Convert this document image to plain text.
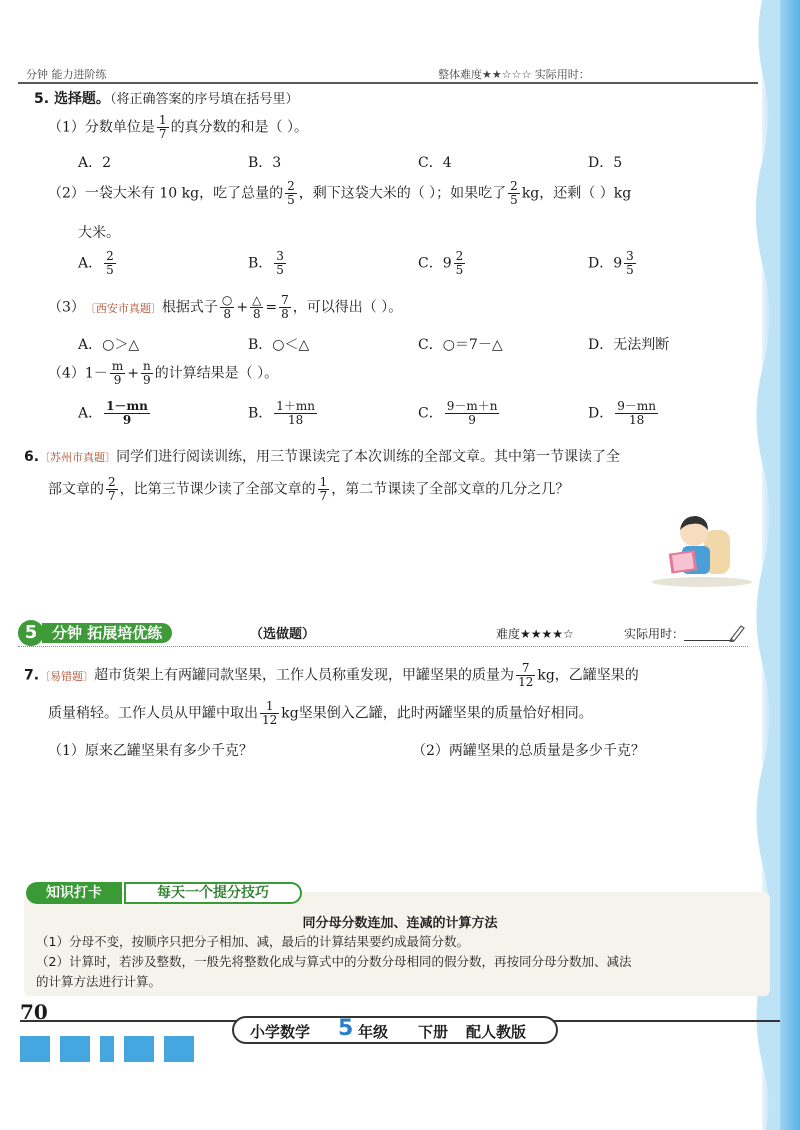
分钟 能力进阶练	整体难度★★☆☆☆ 实际用时：
5. 选择题。（将正确答案的序号填在括号里）
（1）分数单位是 $\frac{1}{7}$ 的真分数的和是（ ）。
A．2	B．3	C．4	D．5
（2）一袋大米有 10 kg，吃了总量的 $\frac{2}{5}$ ，剩下这袋大米的（ ）；如果吃了 $\frac{2}{5}$ kg，还剩（ ）kg
大米。
A． $\frac{2}{5}$	B． $\frac{3}{5}$	C．$9 \frac{2}{5}$	D．$9 \frac{3}{5}$
（3）〔西安市真题〕根据式子 $\frac{○}{8} + \frac{\triangle}{8} = \frac{7}{8}$ ，可以得出（ ）。
A．○＞△	B．○＜△	C．○＝7－△	D．无法判断
$(4)1- \frac{m}{9} + \frac{n}{9}$ 的计算结果是（ ）。
A． $\frac{1-mn}{9}$	B． $\frac{1+mn}{18}$	C． $\frac{9-m+n}{9}$	D． $\frac{9-mn}{18}$
6.〔苏州市真题〕同学们进行阅读训练，用三节课读完了本次训练的全部文章。其中第一节课读了全
部文章的 $\frac{2}{7}$ ，比第三节课少读了全部文章的 $\frac{1}{7}$ ，第二节课读了全部文章的几分之几？
5 分钟 拓展培优练	（选做题）	难度★★★★☆	实际用时：________
7.〔易错题〕超市货架上有两罐同款坚果，工作人员称重发现，甲罐坚果的质量为 $\frac{7}{12}$ kg，乙罐坚果的
质量稍轻。工作人员从甲罐中取出 $\frac{1}{12}$ kg坚果倒入乙罐，此时两罐坚果的质量恰好相同。
（1）原来乙罐坚果有多少千克？	（2）两罐坚果的总质量是多少千克？
知识打卡	每天一个提分技巧
同分母分数连加、连减的计算方法
（1）分母不变，按顺序只把分子相加、减，最后的计算结果要约成最简分数。
（2）计算时，若涉及整数，一般先将整数化成与算式中的分数分母相同的假分数，再按同分母分数加、减法
的计算方法进行计算。
70
小学数学 5 年级 下册 配人教版
